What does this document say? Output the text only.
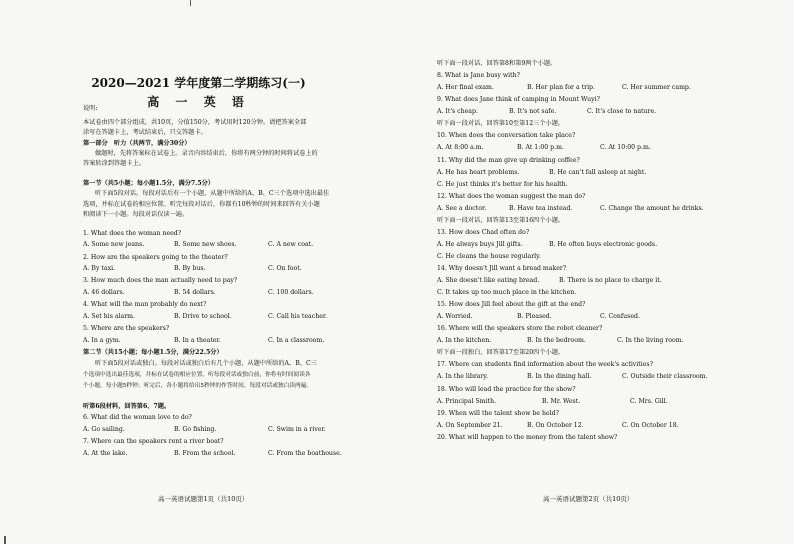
2020—2021 学年度第二学期练习(一)
高 一 英 语
说明:
本试卷由四个部分组成，共10页，分值150分，考试用时120分钟。请把答案全部
涂写在答题卡上，考试结束后，只交答题卡。
第一部分　听力（共两节，满分30分）
做题时，先将答案标在试卷上。录音内容结束后，你将有两分钟的时间将试卷上的
答案转涂到答题卡上。
第一节（共5小题；每小题1.5分，满分7.5分）
听下面5段对话。每段对话后有一个小题，从题中所给的A、B、C三个选项中选出最佳
选项，并标在试卷的相应位置。听完每段对话后，你都有10秒钟的时间来回答有关小题
和阅读下一小题。每段对话仅读一遍。
1. What does the woman need?
A. Some new jeans.	B. Some new shoes.	C. A new coat.
2. How are the speakers going to the theater?
A. By taxi.	B. By bus.	C. On foot.
3. How much does the man actually need to pay?
A. 46 dollars.	B. 54 dollars.	C. 100 dollars.
4. What will the man probably do next?
A. Set his alarm.	B. Drive to school.	C. Call his teacher.
5. Where are the speakers?
A. In a gym.	B. In a theater.	C. In a classroom.
第二节（共15小题；每小题1.5分，满分22.5分）
听下面5段对话或独白。每段对话或独白后有几个小题，从题中所给的A、B、C三
个选项中选出最佳选项，并标在试卷的相应位置。听每段对话或独白前，你将有时间阅读各
个小题，每小题5秒钟；听完后，各小题将给出5秒钟的作答时间。每段对话或独白读两遍。
听第6段材料，回答第6、7题。
6. What did the woman love to do?
A. Go sailing.	B. Go fishing.	C. Swim in a river.
7. Where can the speakers rent a river boat?
A. At the lake.	B. From the school.	C. From the boathouse.
高一英语试题第1页（共10页）
听下面一段对话，回答第8和第9两个小题。
8. What is Jane busy with?
A. Her final exam.	B. Her plan for a trip.	C. Her summer camp.
9. What does Jane think of camping in Mount Wuyi?
A. It's cheap.	B. It's not safe.	C. It's close to nature.
听下面一段对话，回答第10至第12三个小题。
10. When does the conversation take place?
A. At 8:00 a.m.	B. At 1:00 p.m.	C. At 10:00 p.m.
11. Why did the man give up drinking coffee?
A. He has heart problems.	B. He can't fall asleep at night.
C. He just thinks it's better for his health.
12. What does the woman suggest the man do?
A. See a doctor.	B. Have tea instead.	C. Change the amount he drinks.
听下面一段对话，回答第13至第16四个小题。
13. How does Chad often do?
A. He always buys Jill gifts.	B. He often buys electronic goods.
C. He cleans the house regularly.
14. Why doesn't Jill want a bread maker?
A. She doesn't like eating bread.	B. There is no place to charge it.
C. It takes up too much place in the kitchen.
15. How does Jill feel about the gift at the end?
A. Worried.	B. Pleased.	C. Confused.
16. Where will the speakers store the robot cleaner?
A. In the kitchen.	B. In the bedroom.	C. In the living room.
听下面一段独白，回答第17至第20四个小题。
17. Where can students find information about the week's activities?
A. In the library.	B. In the dining hall.	C. Outside their classroom.
18. Who will lead the practice for the show?
A. Principal Smith.	B. Mr. West.	C. Mrs. Gill.
19. When will the talent show be held?
A. On September 21.	B. On October 12.	C. On October 18.
20. What will happen to the money from the talent show?
高一英语试题第2页（共10页）
